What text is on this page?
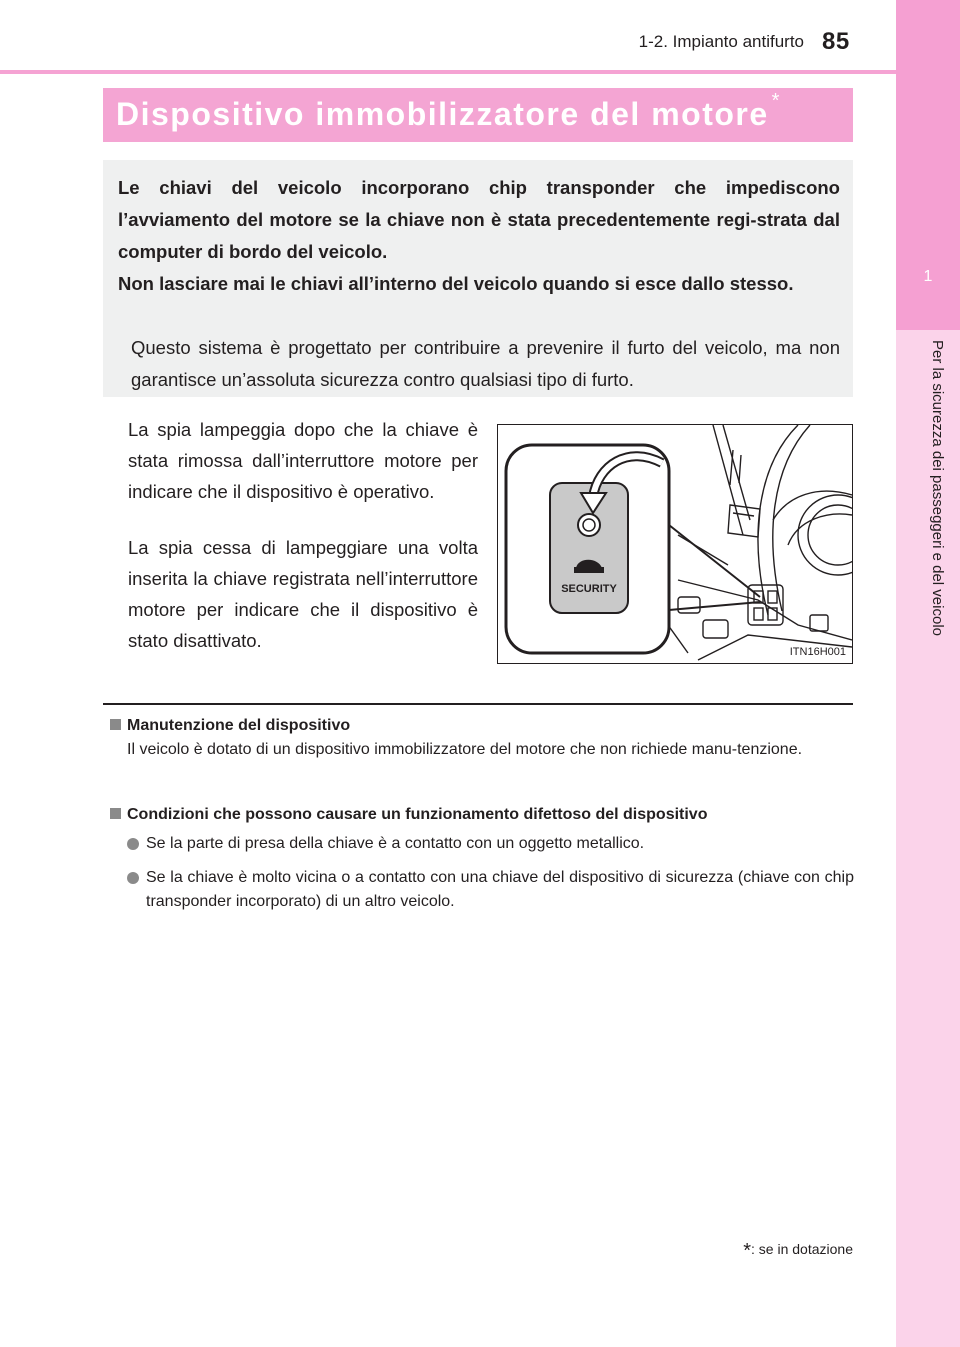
1
Per la sicurezza dei passeggeri e del veicolo
1-2. Impianto antifurto 85
Dispositivo immobilizzatore del motore *

Le chiavi del veicolo incorporano chip transponder che impediscono l’avviamento del motore se la chiave non è stata precedentemente regi-strata dal computer di bordo del veicolo.

Non lasciare mai le chiavi all’interno del veicolo quando si esce dallo stesso.

Questo sistema è progettato per contribuire a prevenire il furto del veicolo, ma non garantisce un’assoluta sicurezza contro qualsiasi tipo di furto.

La spia lampeggia dopo che la chiave è stata rimossa dall’interruttore motore per indicare che il dispositivo è operativo.

La spia cessa di lampeggiare una volta inserita la chiave registrata nell’interruttore motore per indicare che il dispositivo è stato disattivato.

SECURITY
ITN16H001
Manutenzione del dispositivo
Il veicolo è dotato di un dispositivo immobilizzatore del motore che non richiede manu-tenzione.
Condizioni che possono causare un funzionamento difettoso del dispositivo
Se la parte di presa della chiave è a contatto con un oggetto metallico.
Se la chiave è molto vicina o a contatto con una chiave del dispositivo di sicurezza (chiave con chip transponder incorporato) di un altro veicolo.
*: se in dotazione
